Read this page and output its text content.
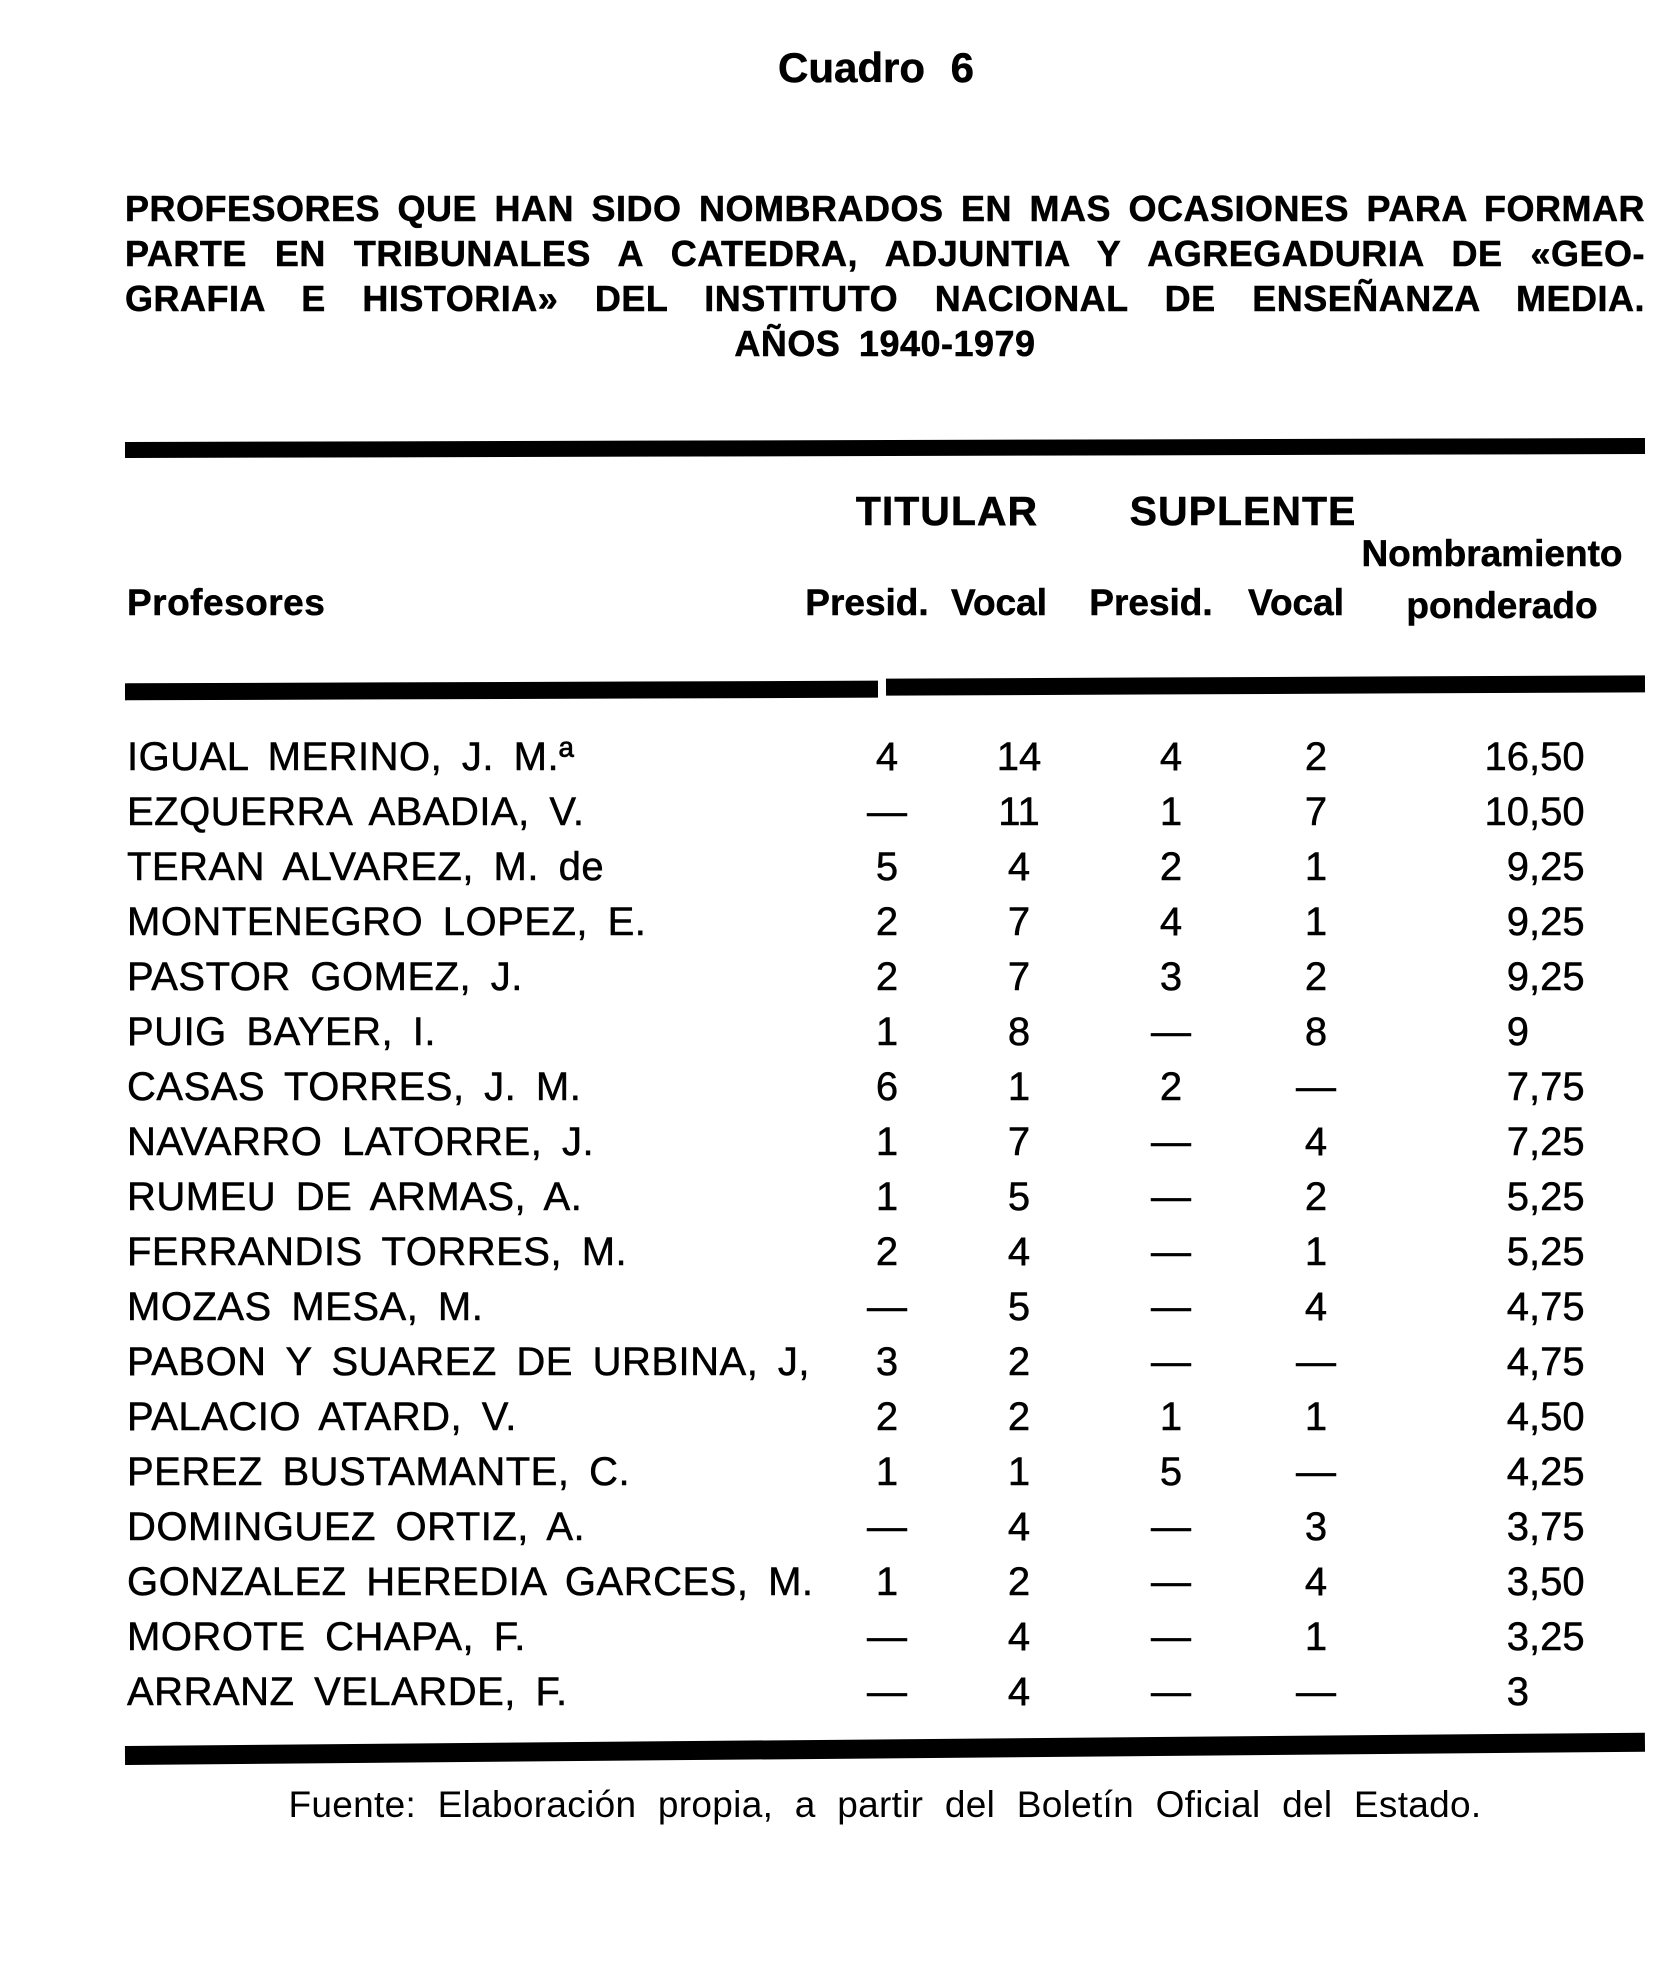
Cuadro 6
PROFESORES QUE HAN SIDO NOMBRADOS EN MAS OCASIONES PARA FORMAR
PARTE EN TRIBUNALES A CATEDRA, ADJUNTIA Y AGREGADURIA DE «GEO-
GRAFIA E HISTORIA» DEL INSTITUTO NACIONAL DE ENSEÑANZA MEDIA.
AÑOS 1940-1979
TITULAR	SUPLENTE
Nombramiento
ponderado
Profesores	Presid. Vocal	Presid. Vocal
IGUAL MERINO, J. M.ª	4	14	4	2	16 ,50
EZQUERRA ABADIA, V.	—	11	1	7	10 ,50
TERAN ALVAREZ, M. de	5	4	2	1	9 ,25
MONTENEGRO LOPEZ, E.	2	7	4	1	9 ,25
PASTOR GOMEZ, J.	2	7	3	2	9 ,25
PUIG BAYER, I.	1	8	—	8	9
CASAS TORRES, J. M.	6	1	2	—	7 ,75
NAVARRO LATORRE, J.	1	7	—	4	7 ,25
RUMEU DE ARMAS, A.	1	5	—	2	5 ,25
FERRANDIS TORRES, M.	2	4	—	1	5 ,25
MOZAS MESA, M.	—	5	—	4	4 ,75
PABON Y SUAREZ DE URBINA, J,	3	2	—	—	4 ,75
PALACIO ATARD, V.	2	2	1	1	4 ,50
PEREZ BUSTAMANTE, C.	1	1	5	—	4 ,25
DOMINGUEZ ORTIZ, A.	—	4	—	3	3 ,75
GONZALEZ HEREDIA GARCES, M.	1	2	—	4	3 ,50
MOROTE CHAPA, F.	—	4	—	1	3 ,25
ARRANZ VELARDE, F.	—	4	—	—	3
Fuente: Elaboración propia, a partir del Boletín Oficial del Estado.
